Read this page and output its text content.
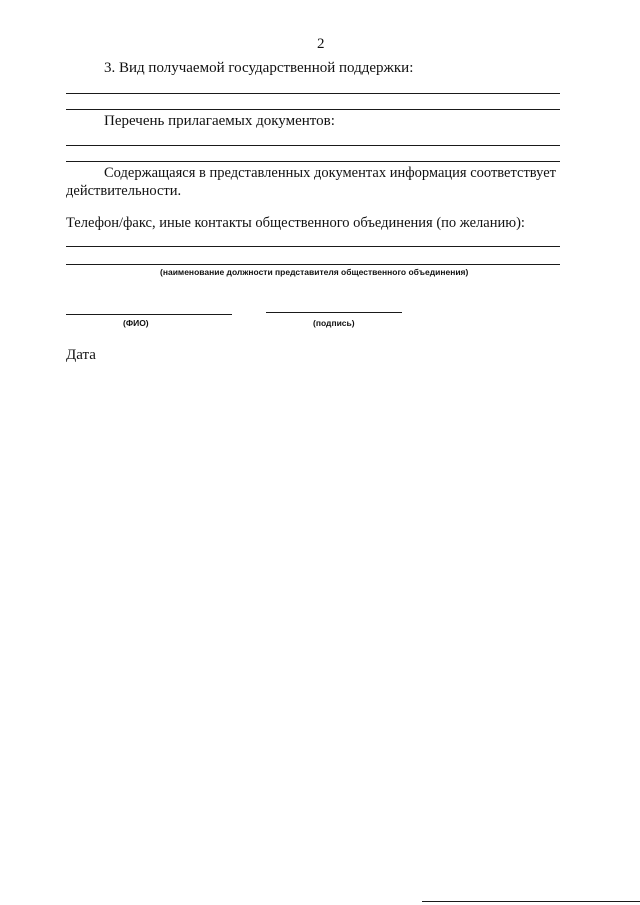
2
3. Вид получаемой государственной поддержки:
Перечень прилагаемых документов:
Содержащаяся в представленных документах информация соответствует
действительности.
Телефон/факс, иные контакты общественного объединения (по желанию):
(наименование должности представителя общественного объединения)
(ФИО)	(подпись)
Дата
